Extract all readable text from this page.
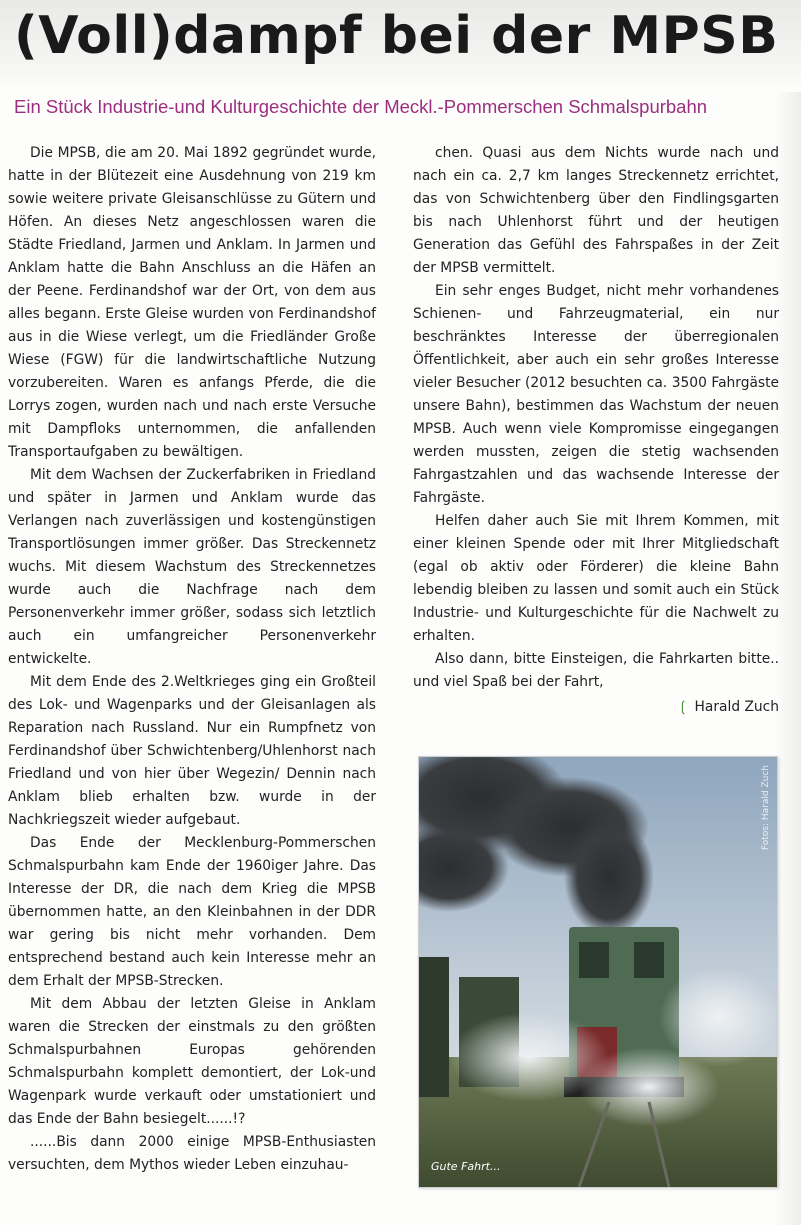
(Voll)dampf bei der MPSB

Ein Stück Industrie-und Kulturgeschichte der Meckl.-Pommerschen Schmalspurbahn

Die MPSB, die am 20. Mai 1892 gegründet wurde, hatte in der Blütezeit eine Ausdehnung von 219 km sowie weitere private Gleisanschlüsse zu Gütern und Höfen. An dieses Netz angeschlossen waren die Städte Friedland, Jarmen und Anklam. In Jarmen und Anklam hatte die Bahn Anschluss an die Häfen an der Peene. Ferdinandshof war der Ort, von dem aus alles begann. Erste Gleise wurden von Ferdinandshof aus in die Wiese verlegt, um die Friedländer Große Wiese (FGW) für die landwirtschaftliche Nutzung vorzubereiten. Waren es anfangs Pferde, die die Lorrys zogen, wurden nach und nach erste Versuche mit Dampfloks unternommen, die anfallenden Transportaufgaben zu bewältigen.

Mit dem Wachsen der Zuckerfabriken in Friedland und später in Jarmen und Anklam wurde das Verlangen nach zuverlässigen und kostengünstigen Transportlösungen immer größer. Das Streckennetz wuchs. Mit diesem Wachstum des Streckennetzes wurde auch die Nachfrage nach dem Personenverkehr immer größer, sodass sich letztlich auch ein umfangreicher Personenverkehr entwickelte.

Mit dem Ende des 2.Weltkrieges ging ein Großteil des Lok- und Wagenparks und der Gleisanlagen als Reparation nach Russland. Nur ein Rumpfnetz von Ferdinandshof über Schwichtenberg/Uhlenhorst nach Friedland und von hier über Wegezin/ Dennin nach Anklam blieb erhalten bzw. wurde in der Nachkriegszeit wieder aufgebaut.

Das Ende der Mecklenburg-Pommerschen Schmalspurbahn kam Ende der 1960iger Jahre. Das Interesse der DR, die nach dem Krieg die MPSB übernommen hatte, an den Kleinbahnen in der DDR war gering bis nicht mehr vorhanden. Dem entsprechend bestand auch kein Interesse mehr an dem Erhalt der MPSB-Strecken.

Mit dem Abbau der letzten Gleise in Anklam waren die Strecken der einstmals zu den größten Schmalspurbahnen Europas gehörenden Schmalspurbahn komplett demontiert, der Lok-und Wagenpark wurde verkauft oder umstationiert und das Ende der Bahn besiegelt......!?

......Bis dann 2000 einige MPSB-Enthusiasten versuchten, dem Mythos wieder Leben einzuhau-

chen. Quasi aus dem Nichts wurde nach und nach ein ca. 2,7 km langes Streckennetz errichtet, das von Schwichtenberg über den Findlingsgarten bis nach Uhlenhorst führt und der heutigen Generation das Gefühl des Fahrspaßes in der Zeit der MPSB vermittelt.

Ein sehr enges Budget, nicht mehr vorhandenes Schienen- und Fahrzeugmaterial, ein nur beschränktes Interesse der überregionalen Öffentlichkeit, aber auch ein sehr großes Interesse vieler Besucher (2012 besuchten ca. 3500 Fahrgäste unsere Bahn), bestimmen das Wachstum der neuen MPSB. Auch wenn viele Kompromisse eingegangen werden mussten, zeigen die stetig wachsenden Fahrgastzahlen und das wachsende Interesse der Fahrgäste.

Helfen daher auch Sie mit Ihrem Kommen, mit einer kleinen Spende oder mit Ihrer Mitgliedschaft (egal ob aktiv oder Förderer) die kleine Bahn lebendig bleiben zu lassen und somit auch ein Stück Industrie- und Kulturgeschichte für die Nachwelt zu erhalten.

Also dann, bitte Einsteigen, die Fahrkarten bitte.. und viel Spaß bei der Fahrt,

❲ Harald Zuch

Gute Fahrt...

Fotos: Harald Zuch
